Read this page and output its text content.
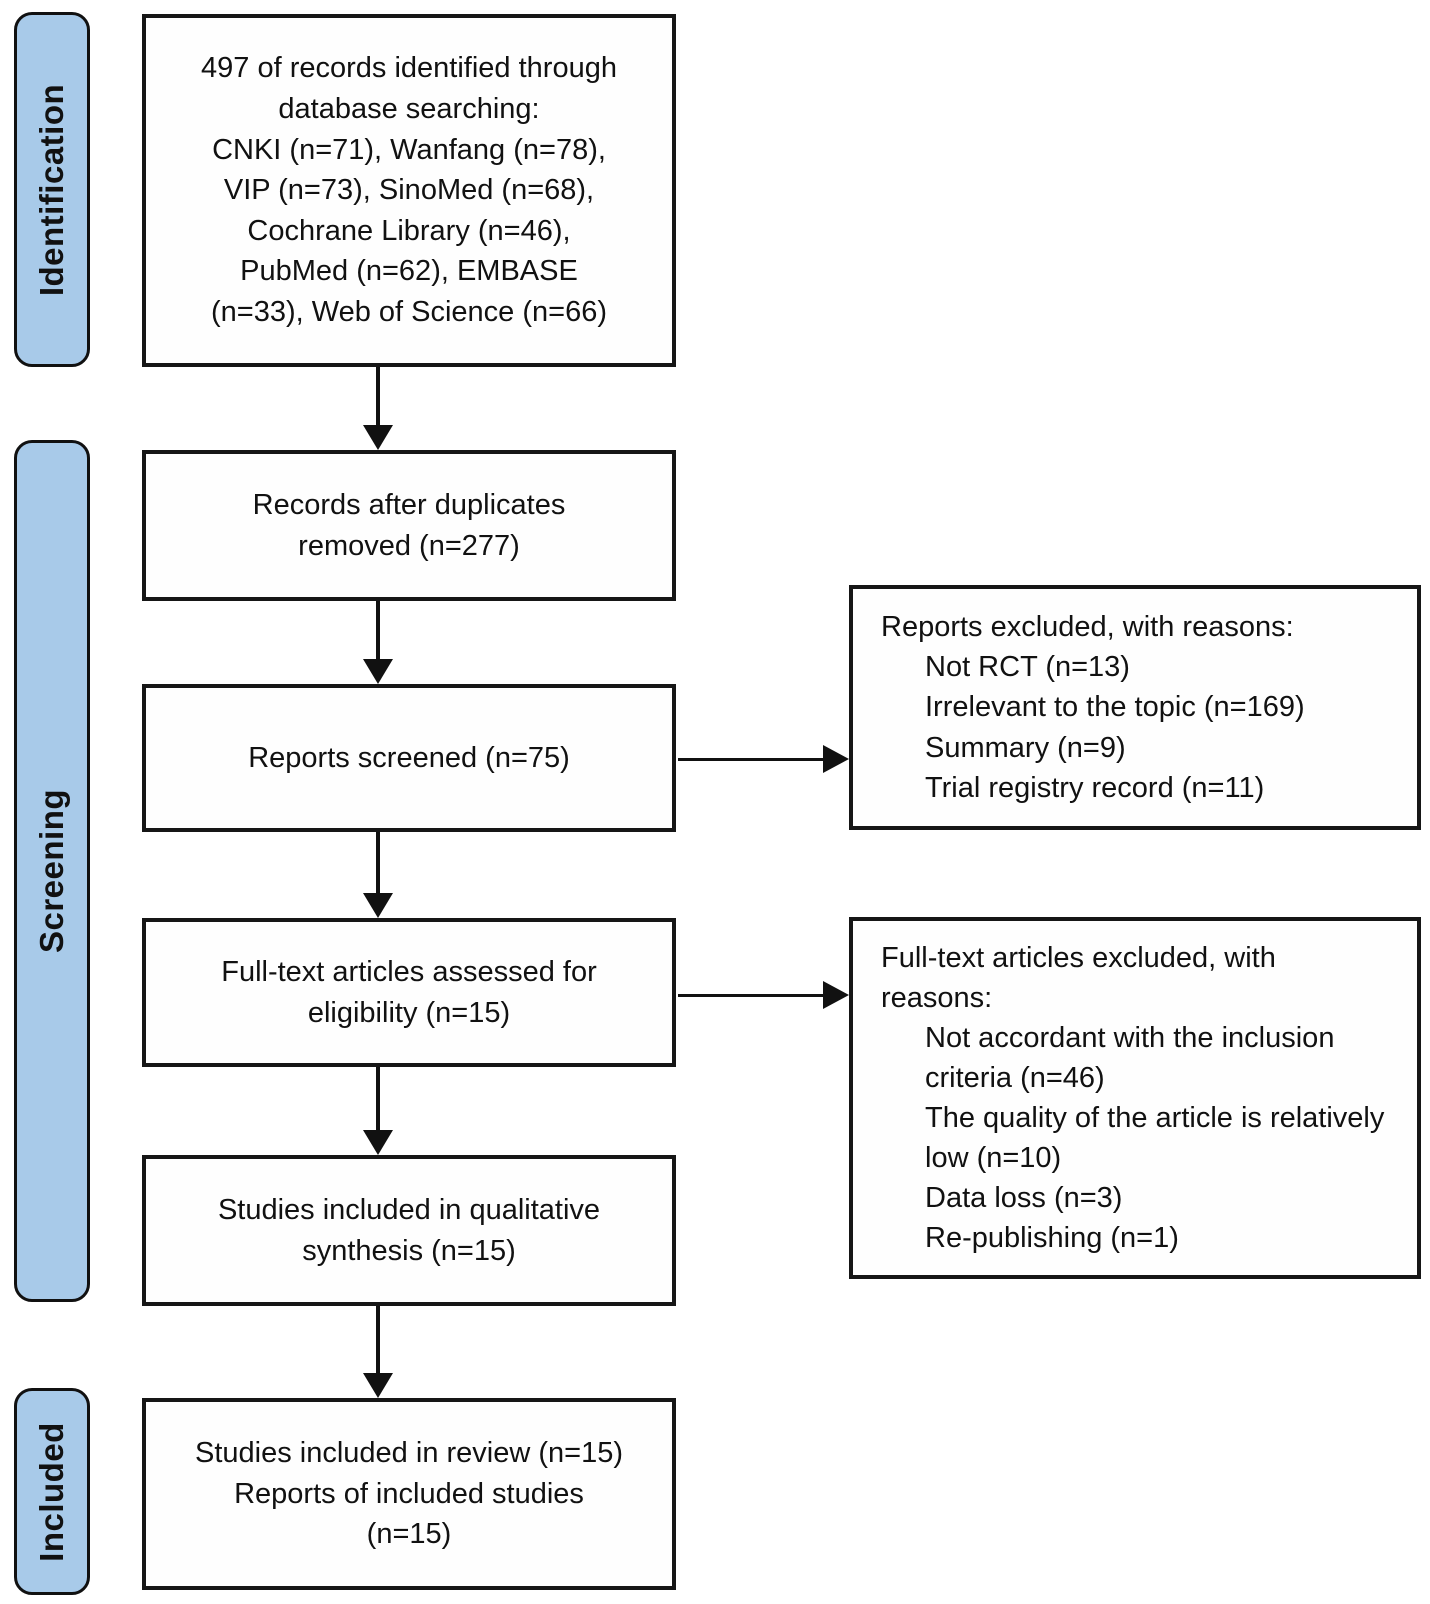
Identification
Screening
Included
497 of records identified through
database searching:
CNKI (n=71), Wanfang (n=78),
VIP (n=73), SinoMed (n=68),
Cochrane Library (n=46),
PubMed (n=62), EMBASE
(n=33), Web of Science (n=66)
Records after duplicates
removed (n=277)
Reports screened (n=75)
Reports excluded, with reasons:
Not RCT (n=13)
Irrelevant to the topic (n=169)
Summary (n=9)
Trial registry record (n=11)
Full-text articles assessed for
eligibility (n=15)
Full-text articles excluded, with reasons:
Not accordant with the inclusion criteria (n=46)
The quality of the article is relatively low (n=10)
Data loss (n=3)
Re-publishing (n=1)
Studies included in qualitative
synthesis (n=15)
Studies included in review (n=15)
Reports of included studies
(n=15)
